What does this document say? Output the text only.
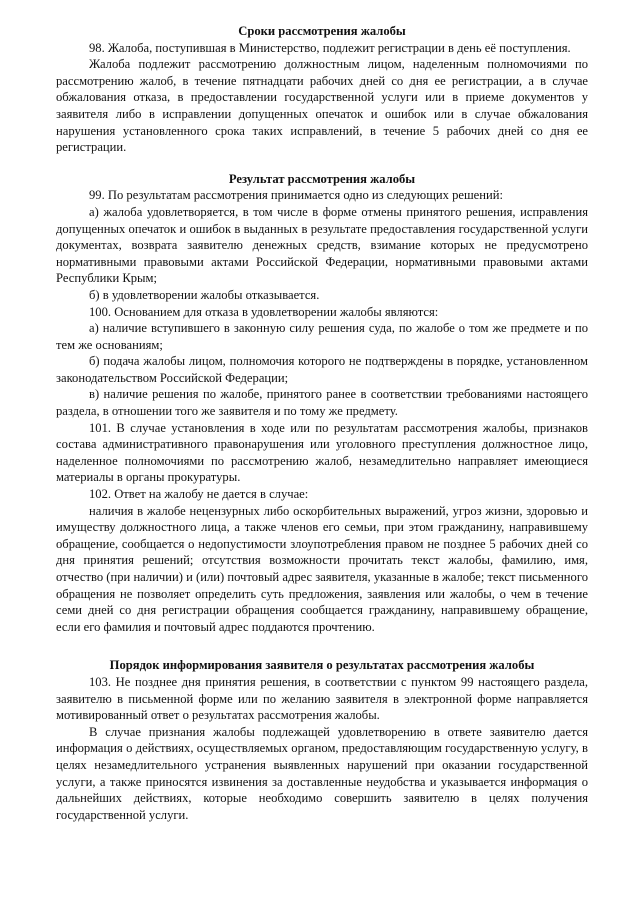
Сроки рассмотрения жалобы

98. Жалоба, поступившая в Министерство, подлежит регистрации в день её поступления.

Жалоба подлежит рассмотрению должностным лицом, наделенным полномочиями по рассмотрению жалоб, в течение пятнадцати рабочих дней со дня ее регистрации, а в случае обжалования отказа, в предоставлении государственной услуги или в приеме документов у заявителя либо в исправлении допущенных опечаток и ошибок или в случае обжалования нарушения установленного срока таких исправлений, в течение 5 рабочих дней со дня ее регистрации.

Результат рассмотрения жалобы

99. По результатам рассмотрения принимается одно из следующих решений:

а) жалоба удовлетворяется, в том числе в форме отмены принятого решения, исправления допущенных опечаток и ошибок в выданных в результате предоставления государственной услуги документах, возврата заявителю денежных средств, взимание которых не предусмотрено нормативными правовыми актами Российской Федерации, нормативными правовыми актами Республики Крым;

б) в удовлетворении жалобы отказывается.

100. Основанием для отказа в удовлетворении жалобы являются:

а) наличие вступившего в законную силу решения суда, по жалобе о том же предмете и по тем же основаниям;

б) подача жалобы лицом, полномочия которого не подтверждены в порядке, установленном законодательством Российской Федерации;

в) наличие решения по жалобе, принятого ранее в соответствии требованиями настоящего раздела, в отношении того же заявителя и по тому же предмету.

101. В случае установления в ходе или по результатам рассмотрения жалобы, признаков состава административного правонарушения или уголовного преступления должностное лицо, наделенное полномочиями по рассмотрению жалоб, незамедлительно направляет имеющиеся материалы в органы прокуратуры.

102. Ответ на жалобу не дается в случае:

наличия в жалобе нецензурных либо оскорбительных выражений, угроз жизни, здоровью и имуществу должностного лица, а также членов его семьи, при этом гражданину, направившему обращение, сообщается о недопустимости злоупотребления правом не позднее 5 рабочих дней со дня принятия решений; отсутствия возможности прочитать текст жалобы, фамилию, имя, отчество (при наличии) и (или) почтовый адрес заявителя, указанные в жалобе; текст письменного обращения не позволяет определить суть предложения, заявления или жалобы, о чем в течение семи дней со дня регистрации обращения сообщается гражданину, направившему обращение, если его фамилия и почтовый адрес поддаются прочтению.

Порядок информирования заявителя о результатах рассмотрения жалобы

103. Не позднее дня принятия решения, в соответствии с пунктом 99 настоящего раздела, заявителю в письменной форме или по желанию заявителя в электронной форме направляется мотивированный ответ о результатах рассмотрения жалобы.

В случае признания жалобы подлежащей удовлетворению в ответе заявителю дается информация о действиях, осуществляемых органом, предоставляющим государственную услугу, в целях незамедлительного устранения выявленных нарушений при оказании государственной услуги, а также приносятся извинения за доставленные неудобства и указывается информация о дальнейших действиях, которые необходимо совершить заявителю в целях получения государственной услуги.
